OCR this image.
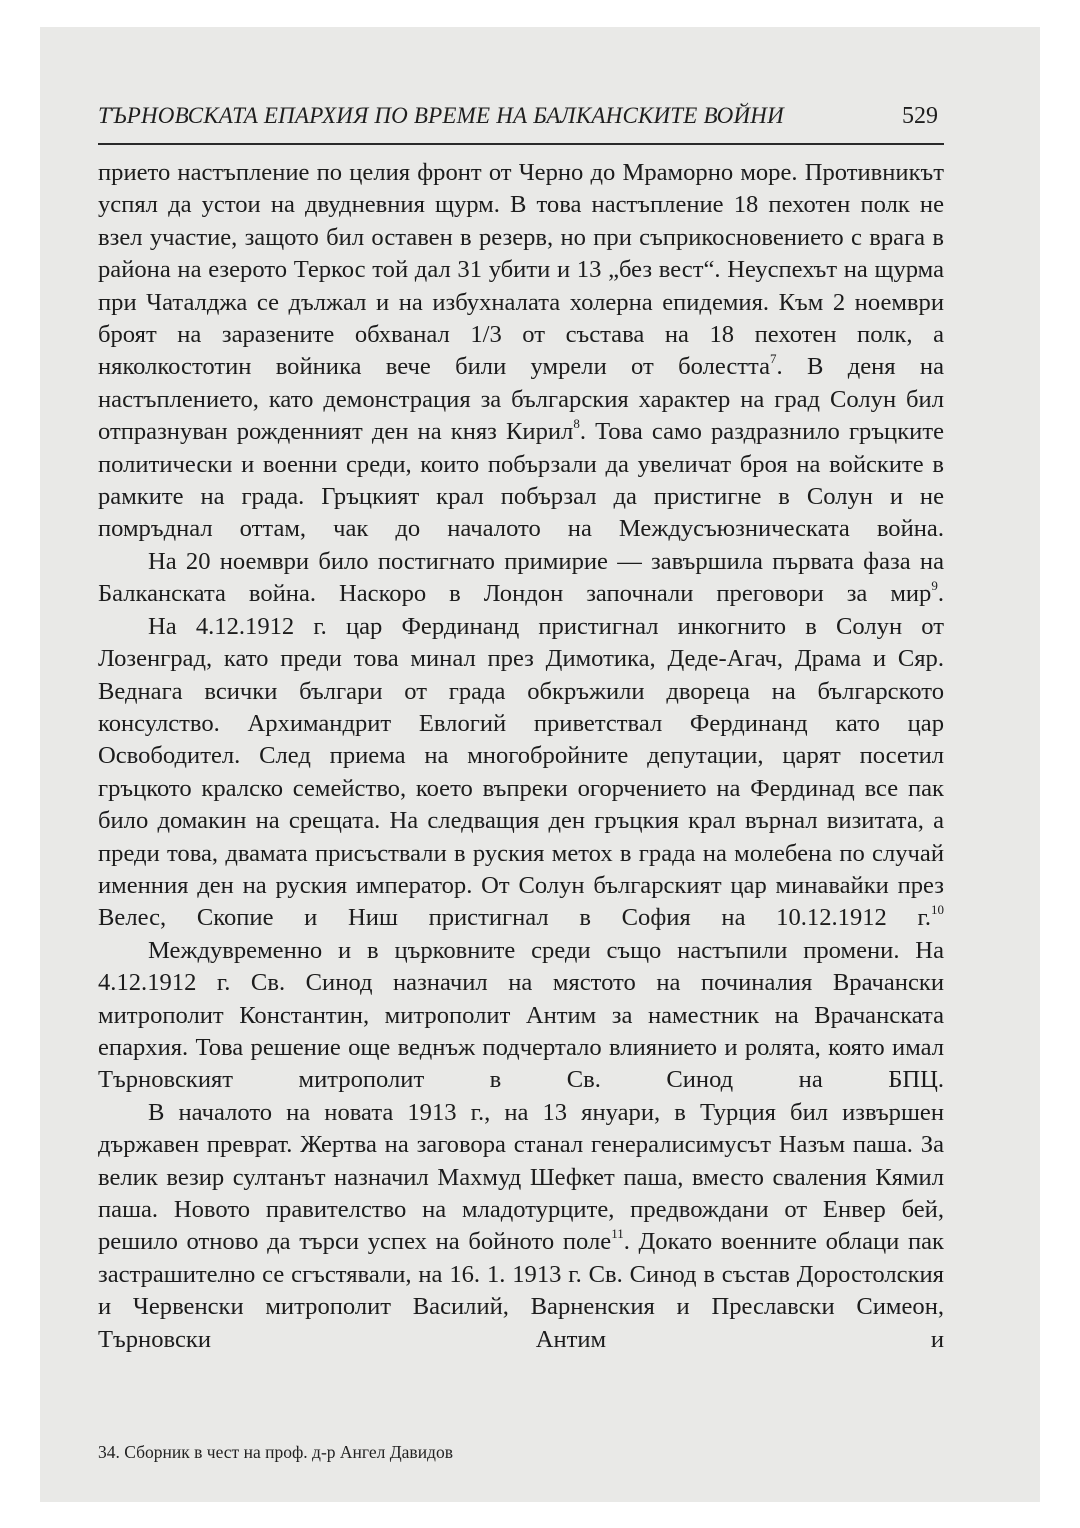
ТЪРНОВСКАТА ЕПАРХИЯ ПО ВРЕМЕ НА БАЛКАНСКИТЕ ВОЙНИ	529

прието настъпление по целия фронт от Черно до Мраморно море. Противникът успял да устои на двудневния щурм. В това настъпление 18 пехотен полк не взел участие, защото бил оставен в резерв, но при съприкосновението с врага в района на езерото Теркос той дал 31 убити и 13 „без вест“. Неуспехът на щурма при Чаталджа се дължал и на избухналата холерна епидемия. Към 2 ноември броят на заразените обхванал 1/3 от състава на 18 пехотен полк, а няколкостотин войника вече били умрели от болестта$^7$. В деня на настъплението, като демонстрация за българския характер на град Солун бил отпразнуван рожденният ден на княз Кирил$^8$. Това само раздразнило гръцките политически и военни среди, които побързали да увеличат броя на войските в рамките на града. Гръцкият крал побързал да пристигне в Солун и не помръднал оттам, чак до началото на Междусъюзническата война.

На 20 ноември било постигнато примирие — завършила първата фаза на Балканската война. Наскоро в Лондон започнали преговори за мир$^9$.

На 4.12.1912 г. цар Фердинанд пристигнал инкогнито в Солун от Лозенград, като преди това минал през Димотика, Деде-Агач, Драма и Сяр. Веднага всички българи от града обкръжили двореца на българското консулство. Архимандрит Евлогий приветствал Фердинанд като цар Освободител. След приема на многобройните депутации, царят посетил гръцкото кралско семейство, което въпреки огорчението на Фердинад все пак било домакин на срещата. На следващия ден гръцкия крал върнал визитата, а преди това, двамата присъствали в руския метох в града на молебена по случай именния ден на руския император. От Солун българският цар минавайки през Велес, Скопие и Ниш пристигнал в София на 10.12.1912 г.$^{10}$

Междувременно и в църковните среди също настъпили промени. На 4.12.1912 г. Св. Синод назначил на мястото на починалия Врачански митрополит Константин, митрополит Антим за наместник на Врачанската епархия. Това решение още веднъж подчертало влиянието и ролята, която имал Търновският митрополит в Св. Синод на БПЦ.

В началото на новата 1913 г., на 13 януари, в Турция бил извършен държавен преврат. Жертва на заговора станал генералисимусът Назъм паша. За велик везир султанът назначил Махмуд Шефкет паша, вместо сваления Кямил паша. Новото правителство на младотурците, предвождани от Енвер бей, решило отново да търси успех на бойното поле$^{11}$. Докато военните облаци пак застрашително се сгъстявали, на 16. 1. 1913 г. Св. Синод в състав Доростолския и Червенски митрополит Василий, Варненския и Преславски Симеон, Търновски Антим и

34. Сборник в чест на проф. д-р Ангел Давидов
